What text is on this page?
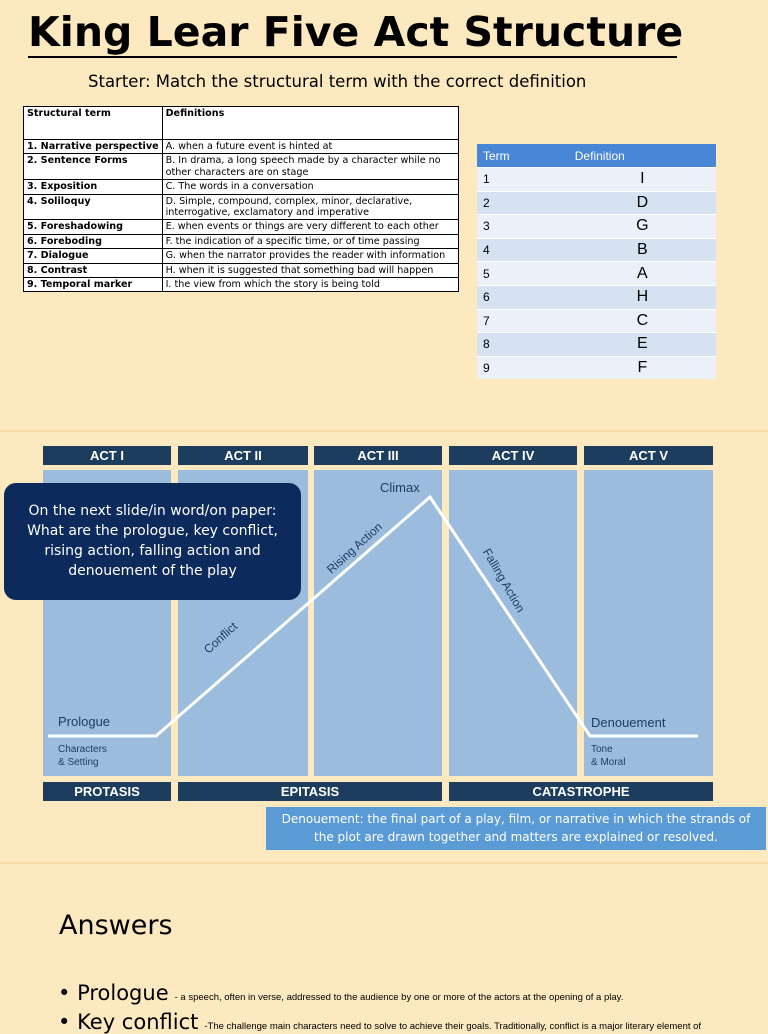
King Lear Five Act Structure
Starter: Match the structural term with the correct definition
Structural term	Definitions
1. Narrative perspective	A. when a future event is hinted at
2. Sentence Forms	B. In drama, a long speech made by a character while no other characters are on stage
3. Exposition	C. The words in a conversation
4. Soliloquy	D. Simple, compound, complex, minor, declarative, interrogative, exclamatory and imperative
5. Foreshadowing	E. when events or things are very different to each other
6. Foreboding	F. the indication of a specific time, or of time passing
7. Dialogue	G. when the narrator provides the reader with information
8. Contrast	H. when it is suggested that something bad will happen
9. Temporal marker	I. the view from which the story is being told
Term	Definition
1	I
2	D
3	G
4	B
5	A
6	H
7	C
8	E
9	F
ACT I	ACT II	ACT III	ACT IV	ACT V
Prologue
Characters
& Setting
Conflict
Rising Action
Climax
Falling Action
Denouement
Tone
& Moral
PROTASIS	EPITASIS	CATASTROPHE
On the next slide/in word/on paper:
What are the prologue, key conflict,
rising action, falling action and
denouement of the play
Denouement: the final part of a play, film, or narrative in which the strands of
the plot are drawn together and matters are explained or resolved.
Answers
• Prologue - a speech, often in verse, addressed to the audience by one or more of the actors at the opening of a play.
• Key conflict -The challenge main characters need to solve to achieve their goals. Traditionally, conflict is a major literary element of
